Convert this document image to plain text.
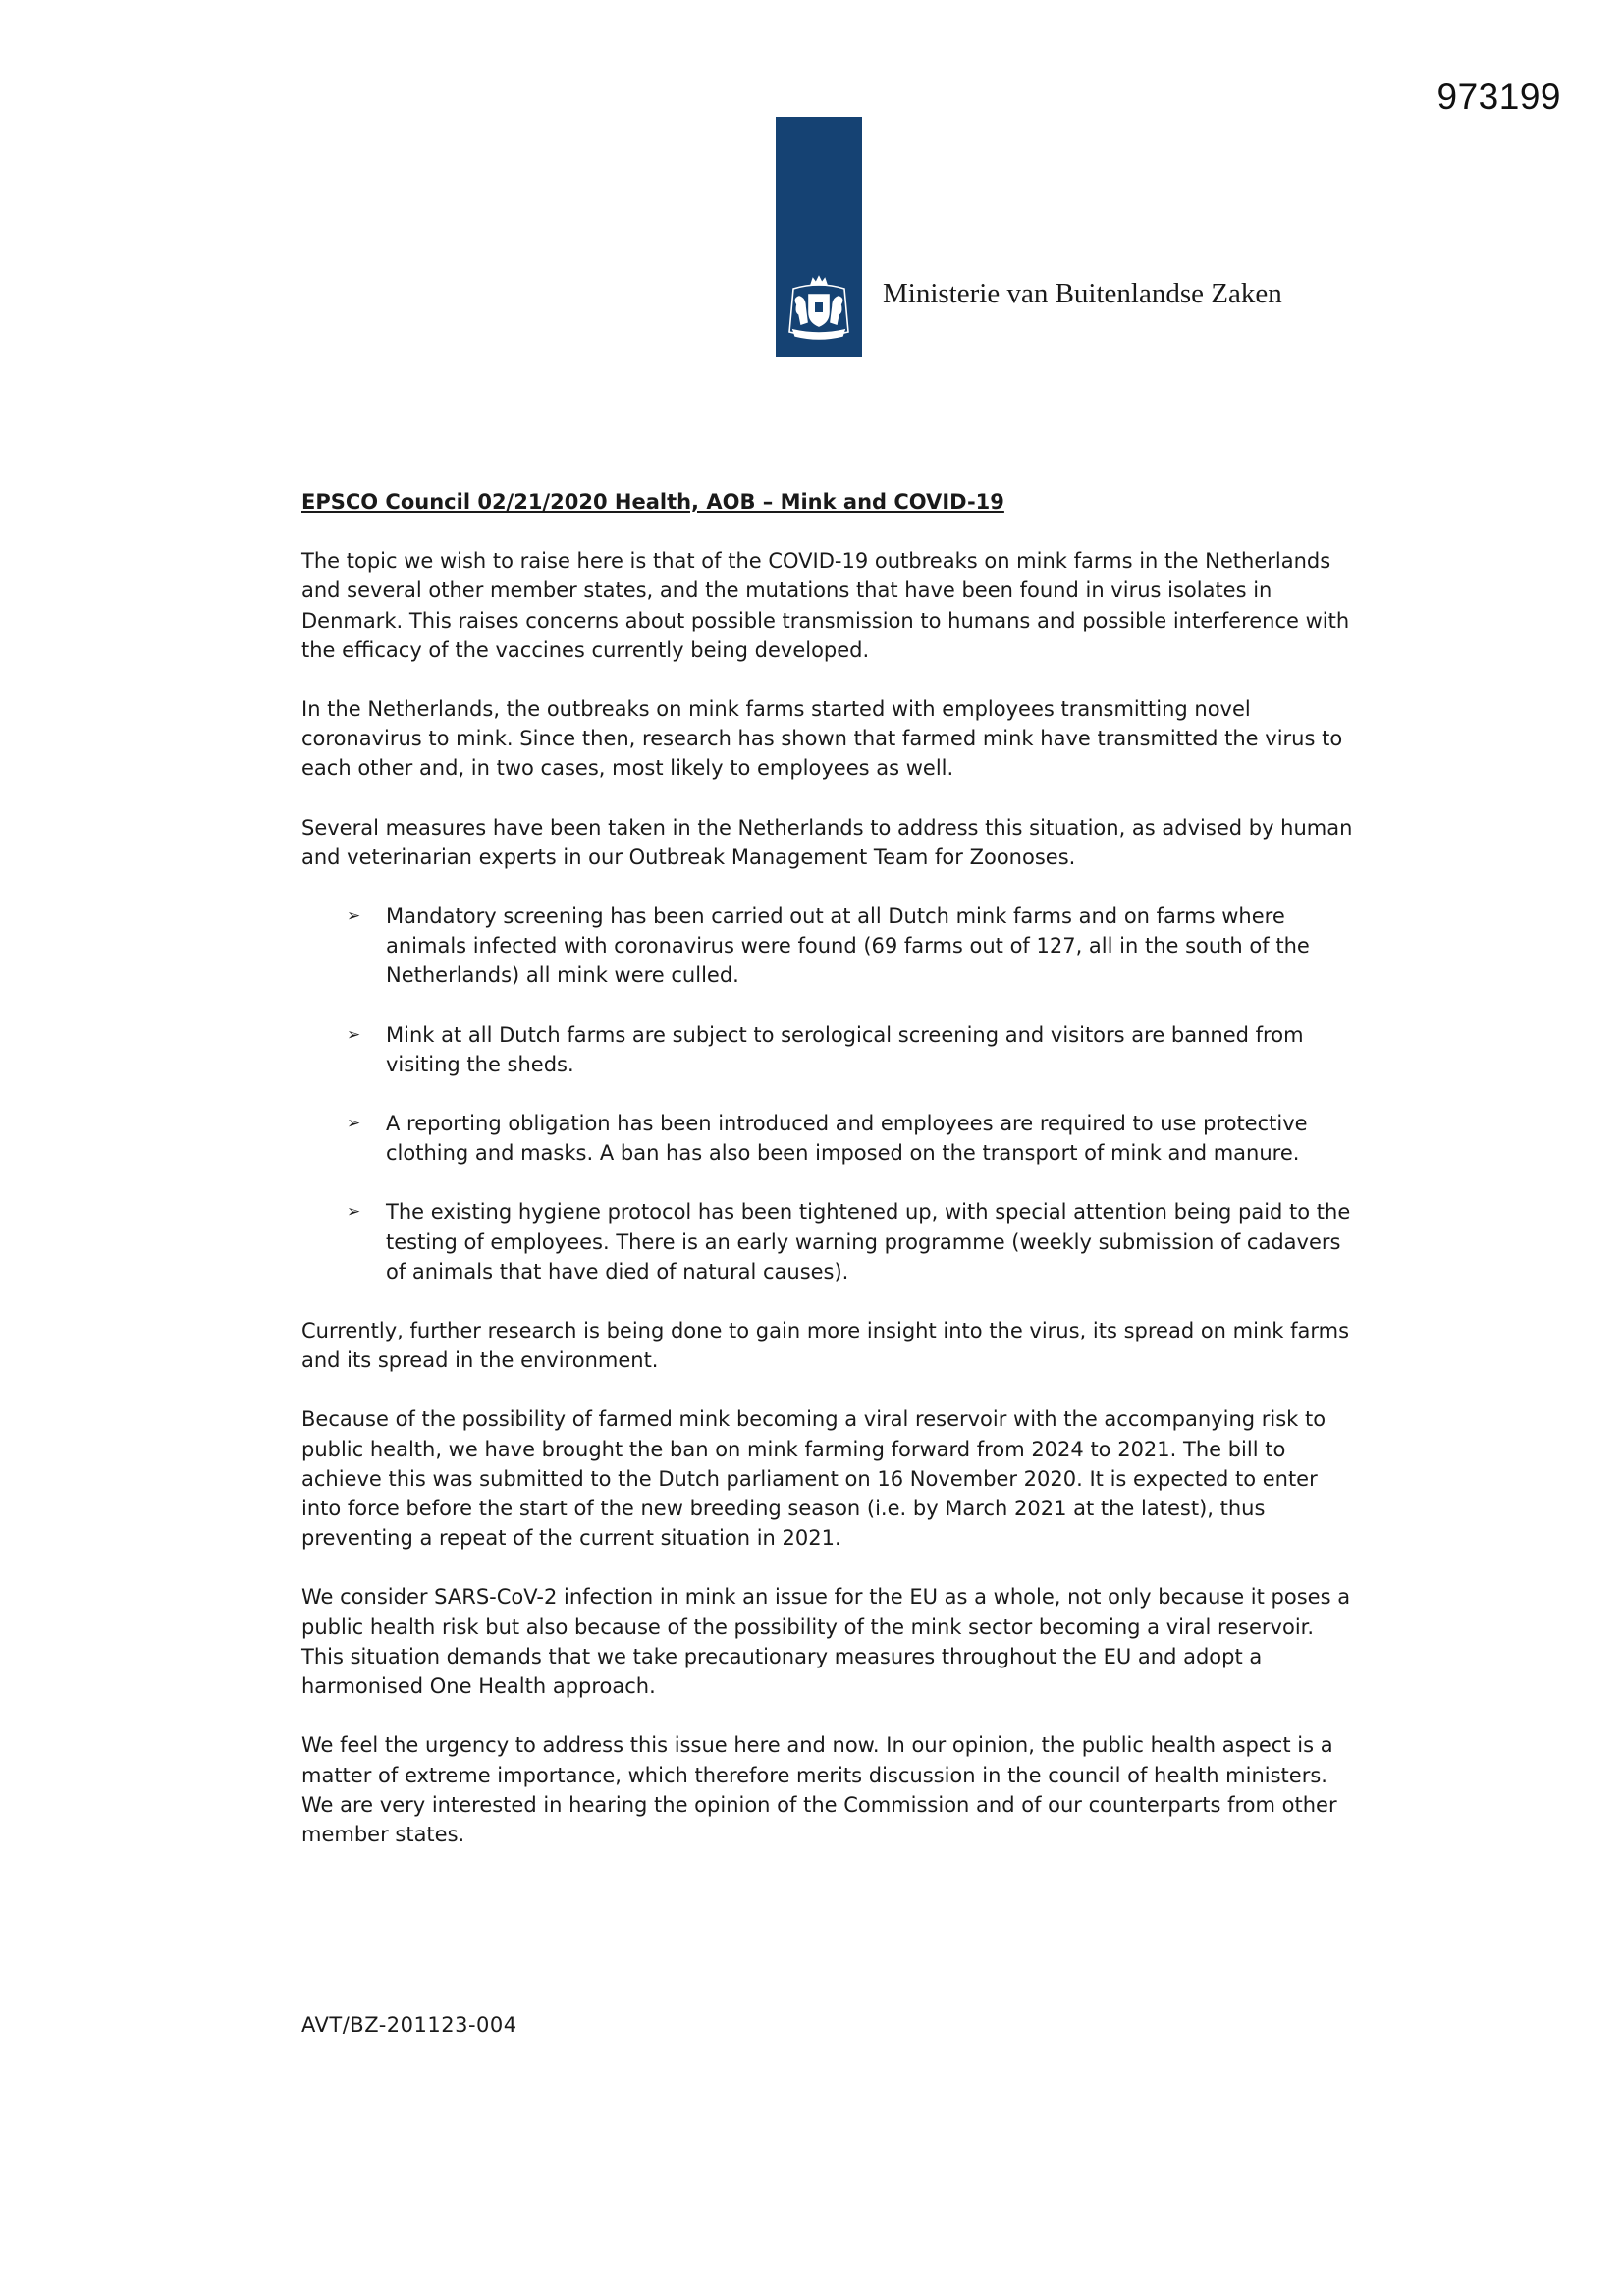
973199
Ministerie van Buitenlandse Zaken
EPSCO Council 02/21/2020 Health, AOB – Mink and COVID-19

The topic we wish to raise here is that of the COVID-19 outbreaks on mink farms in the Netherlands and several other member states, and the mutations that have been found in virus isolates in Denmark. This raises concerns about possible transmission to humans and possible interference with the efficacy of the vaccines currently being developed.

In the Netherlands, the outbreaks on mink farms started with employees transmitting novel coronavirus to mink. Since then, research has shown that farmed mink have transmitted the virus to each other and, in two cases, most likely to employees as well.

Several measures have been taken in the Netherlands to address this situation, as advised by human and veterinarian experts in our Outbreak Management Team for Zoonoses.

➢ Mandatory screening has been carried out at all Dutch mink farms and on farms where animals infected with coronavirus were found (69 farms out of 127, all in the south of the Netherlands) all mink were culled.
➢ Mink at all Dutch farms are subject to serological screening and visitors are banned from visiting the sheds.
➢ A reporting obligation has been introduced and employees are required to use protective clothing and masks. A ban has also been imposed on the transport of mink and manure.
➢ The existing hygiene protocol has been tightened up, with special attention being paid to the testing of employees. There is an early warning programme (weekly submission of cadavers of animals that have died of natural causes).

Currently, further research is being done to gain more insight into the virus, its spread on mink farms and its spread in the environment.

Because of the possibility of farmed mink becoming a viral reservoir with the accompanying risk to public health, we have brought the ban on mink farming forward from 2024 to 2021. The bill to achieve this was submitted to the Dutch parliament on 16 November 2020. It is expected to enter into force before the start of the new breeding season (i.e. by March 2021 at the latest), thus preventing a repeat of the current situation in 2021.

We consider SARS-CoV-2 infection in mink an issue for the EU as a whole, not only because it poses a public health risk but also because of the possibility of the mink sector becoming a viral reservoir. This situation demands that we take precautionary measures throughout the EU and adopt a harmonised One Health approach.

We feel the urgency to address this issue here and now. In our opinion, the public health aspect is a matter of extreme importance, which therefore merits discussion in the council of health ministers. We are very interested in hearing the opinion of the Commission and of our counterparts from other member states.

AVT/BZ-201123-004
